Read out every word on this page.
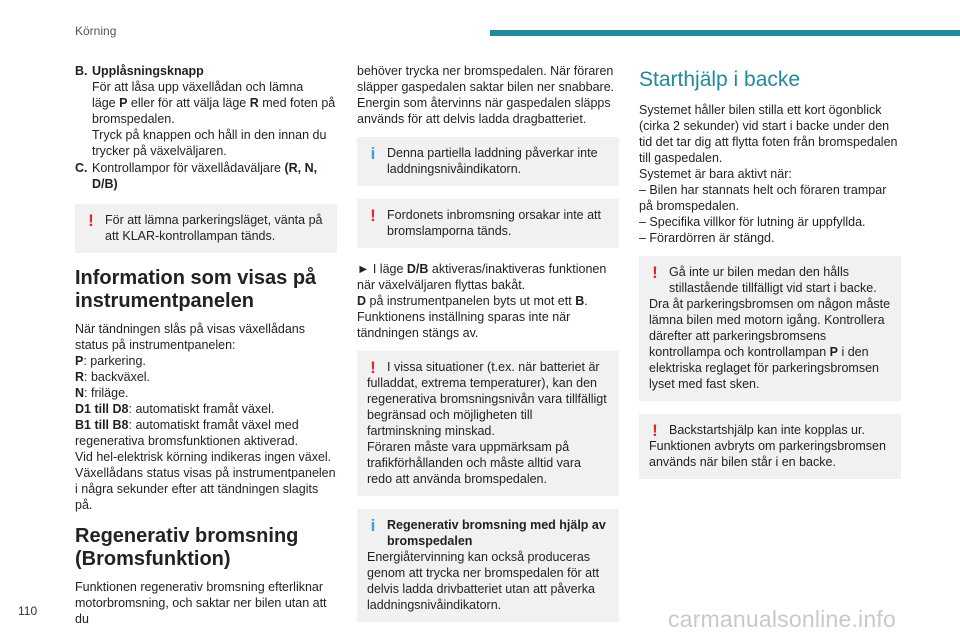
Körning
B. Upplåsningsknapp
För att låsa upp växellådan och lämna
läge P eller för att välja läge R med foten på
bromspedalen.
Tryck på knappen och håll in den innan du
trycker på växelväljaren.
C. Kontrollampor för växellådaväljare (R, N,
D/B)
! För att lämna parkeringsläget, vänta på att KLAR-kontrollampan tänds.
Information som visas på instrumentpanelen

När tändningen slås på visas växellådans status på instrumentpanelen:

P: parkering.
R: backväxel.
N: friläge.
D1 till D8: automatiskt framåt växel.
B1 till B8: automatiskt framåt växel med regenerativa bromsfunktionen aktiverad.

Vid hel-elektrisk körning indikeras ingen växel.

Växellådans status visas på instrumentpanelen i några sekunder efter att tändningen slagits på.

Regenerativ bromsning (Bromsfunktion)

Funktionen regenerativ bromsning efterliknar motorbromsning, och saktar ner bilen utan att du

behöver trycka ner bromspedalen. När föraren släpper gaspedalen saktar bilen ner snabbare. Energin som återvinns när gaspedalen släpps används för att delvis ladda dragbatteriet.

i Denna partiella laddning påverkar inte laddningsnivåindikatorn.
! Fordonets inbromsning orsakar inte att bromslamporna tänds.

► I läge D/B aktiveras/inaktiveras funktionen när växelväljaren flyttas bakåt.

D på instrumentpanelen byts ut mot ett B.

Funktionens inställning sparas inte när tändningen stängs av.

! I vissa situationer (t.ex. när batteriet är fulladdat, extrema temperaturer), kan den regenerativa bromsningsnivån vara tillfälligt begränsad och möjligheten till fartminskning minskad.
Föraren måste vara uppmärksam på trafikförhållanden och måste alltid vara redo att använda bromspedalen.
i Regenerativ bromsning med hjälp av bromspedalen
Energiåtervinning kan också produceras genom att trycka ner bromspedalen för att delvis ladda drivbatteriet utan att påverka laddningsnivåindikatorn.
Starthjälp i backe

Systemet håller bilen stilla ett kort ögonblick (cirka 2 sekunder) vid start i backe under den tid det tar dig att flytta foten från bromspedalen till gaspedalen.

Systemet är bara aktivt när:

– Bilen har stannats helt och föraren trampar på bromspedalen.
– Specifika villkor för lutning är uppfyllda.
– Förardörren är stängd.
! Gå inte ur bilen medan den hålls stillastående tillfälligt vid start i backe.
Dra åt parkeringsbromsen om någon måste lämna bilen med motorn igång. Kontrollera därefter att parkeringsbromsens kontrollampa och kontrollampan P i den elektriska reglaget för parkeringsbromsen lyset med fast sken.
! Backstartshjälp kan inte kopplas ur. Funktionen avbryts om parkeringsbromsen används när bilen står i en backe.
110	carmanualsonline.info
